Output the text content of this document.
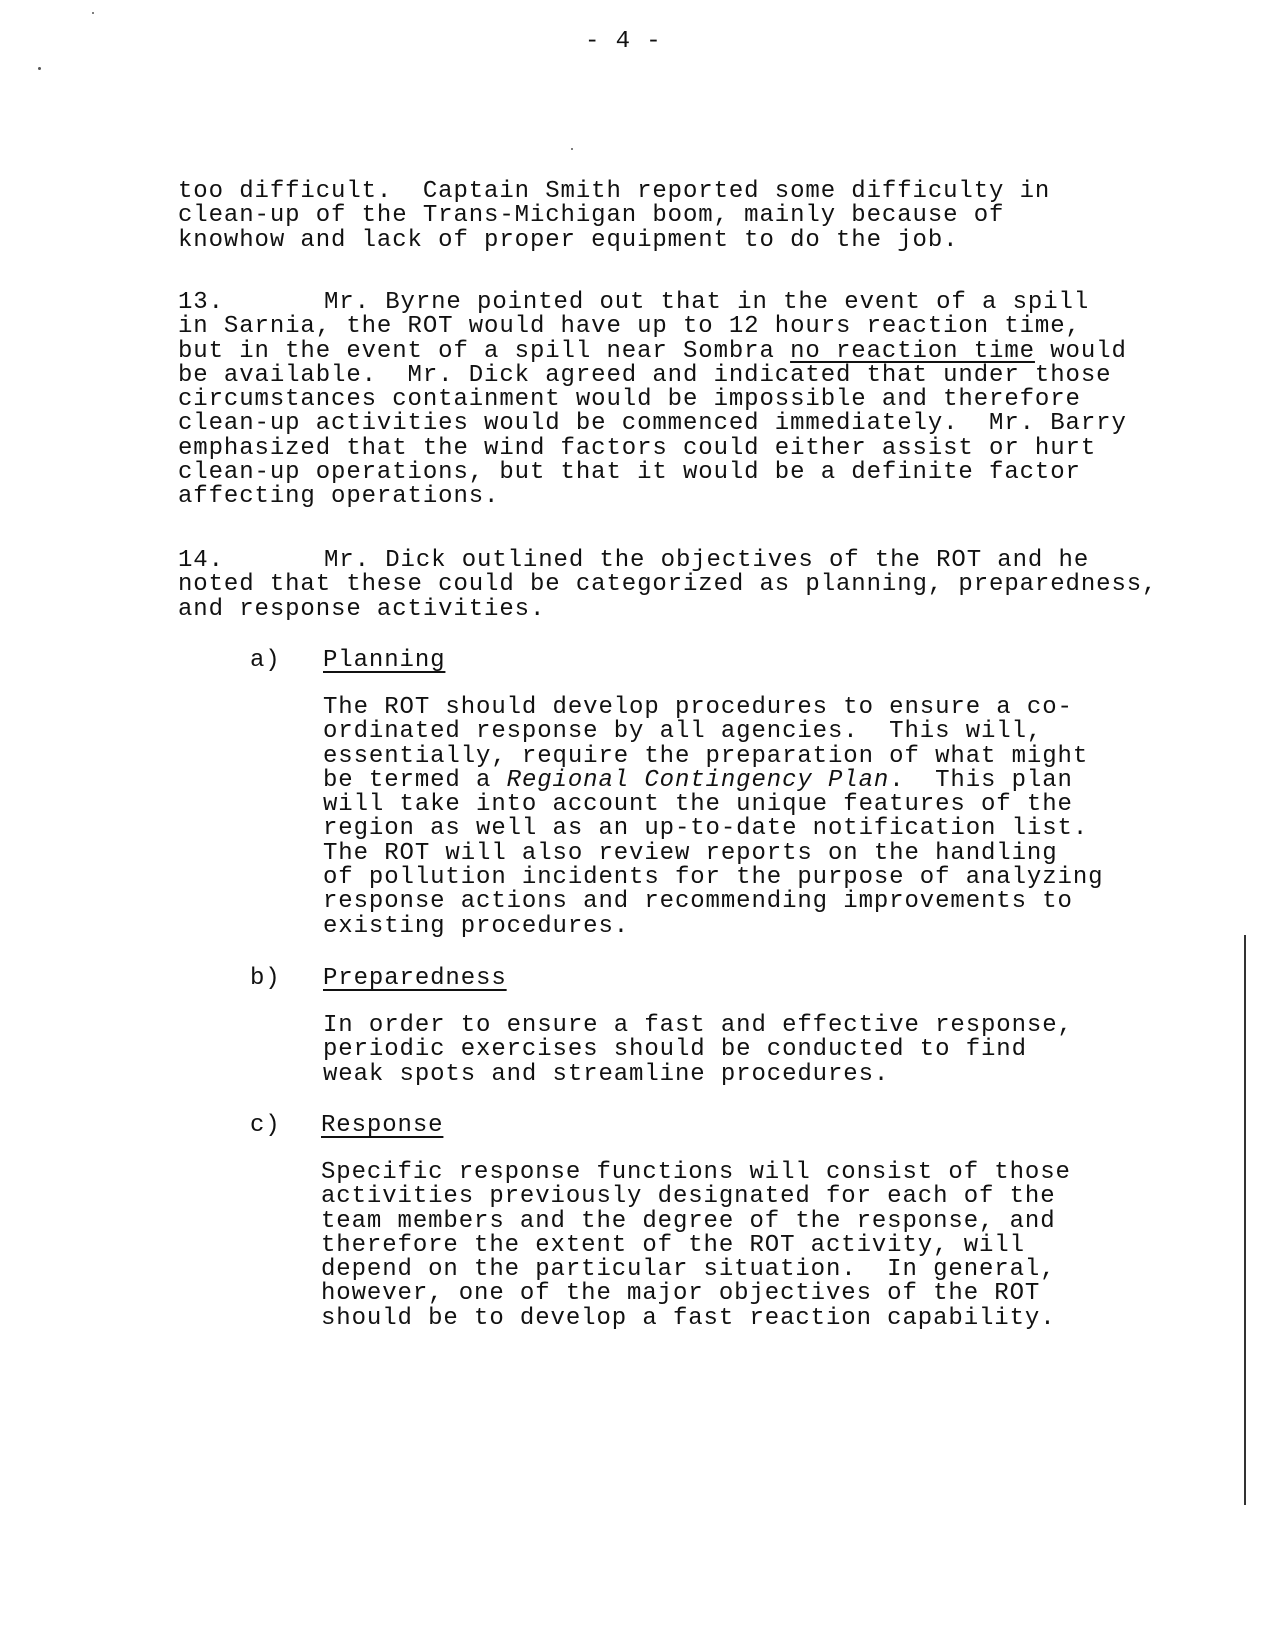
- 4 -
too difficult.  Captain Smith reported some difficulty in
clean-up of the Trans-Michigan boom, mainly because of
knowhow and lack of proper equipment to do the job.
13.	Mr. Byrne pointed out that in the event of a spill
in Sarnia, the ROT would have up to 12 hours reaction time,
but in the event of a spill near Sombra no reaction time would
be available.  Mr. Dick agreed and indicated that under those
circumstances containment would be impossible and therefore
clean-up activities would be commenced immediately.  Mr. Barry
emphasized that the wind factors could either assist or hurt
clean-up operations, but that it would be a definite factor
affecting operations.
14.	Mr. Dick outlined the objectives of the ROT and he
noted that these could be categorized as planning, preparedness,
and response activities.
a) Planning
The ROT should develop procedures to ensure a co-
ordinated response by all agencies.  This will,
essentially, require the preparation of what might
be termed a Regional Contingency Plan.  This plan
will take into account the unique features of the
region as well as an up-to-date notification list.
The ROT will also review reports on the handling
of pollution incidents for the purpose of analyzing
response actions and recommending improvements to
existing procedures.
b) Preparedness
In order to ensure a fast and effective response,
periodic exercises should be conducted to find
weak spots and streamline procedures.
c) Response
Specific response functions will consist of those
activities previously designated for each of the
team members and the degree of the response, and
therefore the extent of the ROT activity, will
depend on the particular situation.  In general,
however, one of the major objectives of the ROT
should be to develop a fast reaction capability.
